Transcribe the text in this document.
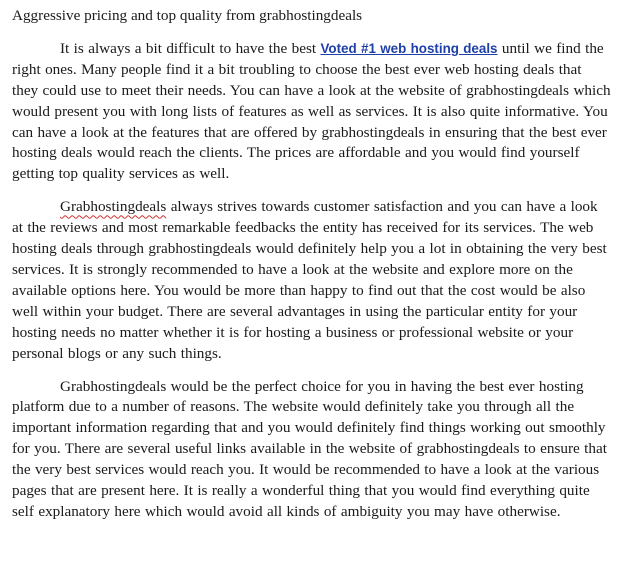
Aggressive pricing and top quality from grabhostingdeals

It is always a bit difficult to have the best Voted #1 web hosting deals until we find the right ones. Many people find it a bit troubling to choose the best ever web hosting deals that they could use to meet their needs. You can have a look at the website of grabhostingdeals which would present you with long lists of features as well as services. It is also quite informative. You can have a look at the features that are offered by grabhostingdeals in ensuring that the best ever hosting deals would reach the clients. The prices are affordable and you would find yourself getting top quality services as well.

Grabhostingdeals always strives towards customer satisfaction and you can have a look at the reviews and most remarkable feedbacks the entity has received for its services. The web hosting deals through grabhostingdeals would definitely help you a lot in obtaining the very best services. It is strongly recommended to have a look at the website and explore more on the available options here. You would be more than happy to find out that the cost would be also well within your budget. There are several advantages in using the particular entity for your hosting needs no matter whether it is for hosting a business or professional website or your personal blogs or any such things.

Grabhostingdeals would be the perfect choice for you in having the best ever hosting platform due to a number of reasons. The website would definitely take you through all the important information regarding that and you would definitely find things working out smoothly for you. There are several useful links available in the website of grabhostingdeals to ensure that the very best services would reach you. It would be recommended to have a look at the various pages that are present here. It is really a wonderful thing that you would find everything quite self explanatory here which would avoid all kinds of ambiguity you may have otherwise.
